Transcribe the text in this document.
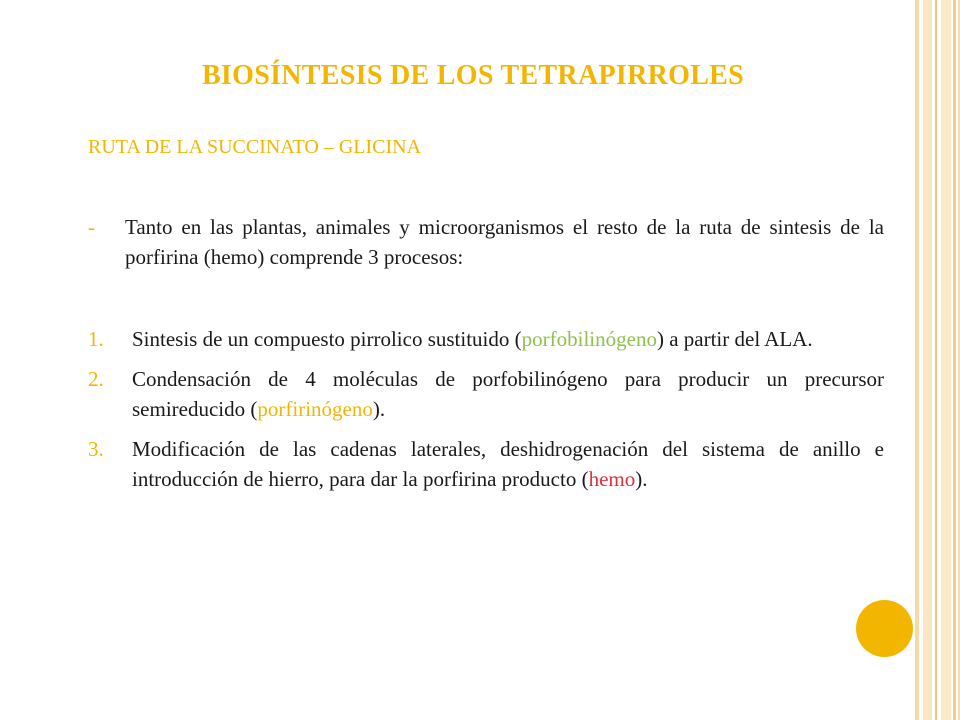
BIOSÍNTESIS DE LOS TETRAPIRROLES
RUTA DE LA SUCCINATO – GLICINA
- Tanto en las plantas, animales y microorganismos el resto de la ruta de sintesis de la porfirina (hemo) comprende 3 procesos:
1. Sintesis de un compuesto pirrolico sustituido (porfobilinógeno) a partir del ALA.
2. Condensación de 4 moléculas de porfobilinógeno para producir un precursor semireducido (porfirinógeno).
3. Modificación de las cadenas laterales, deshidrogenación del sistema de anillo e introducción de hierro, para dar la porfirina producto (hemo).
